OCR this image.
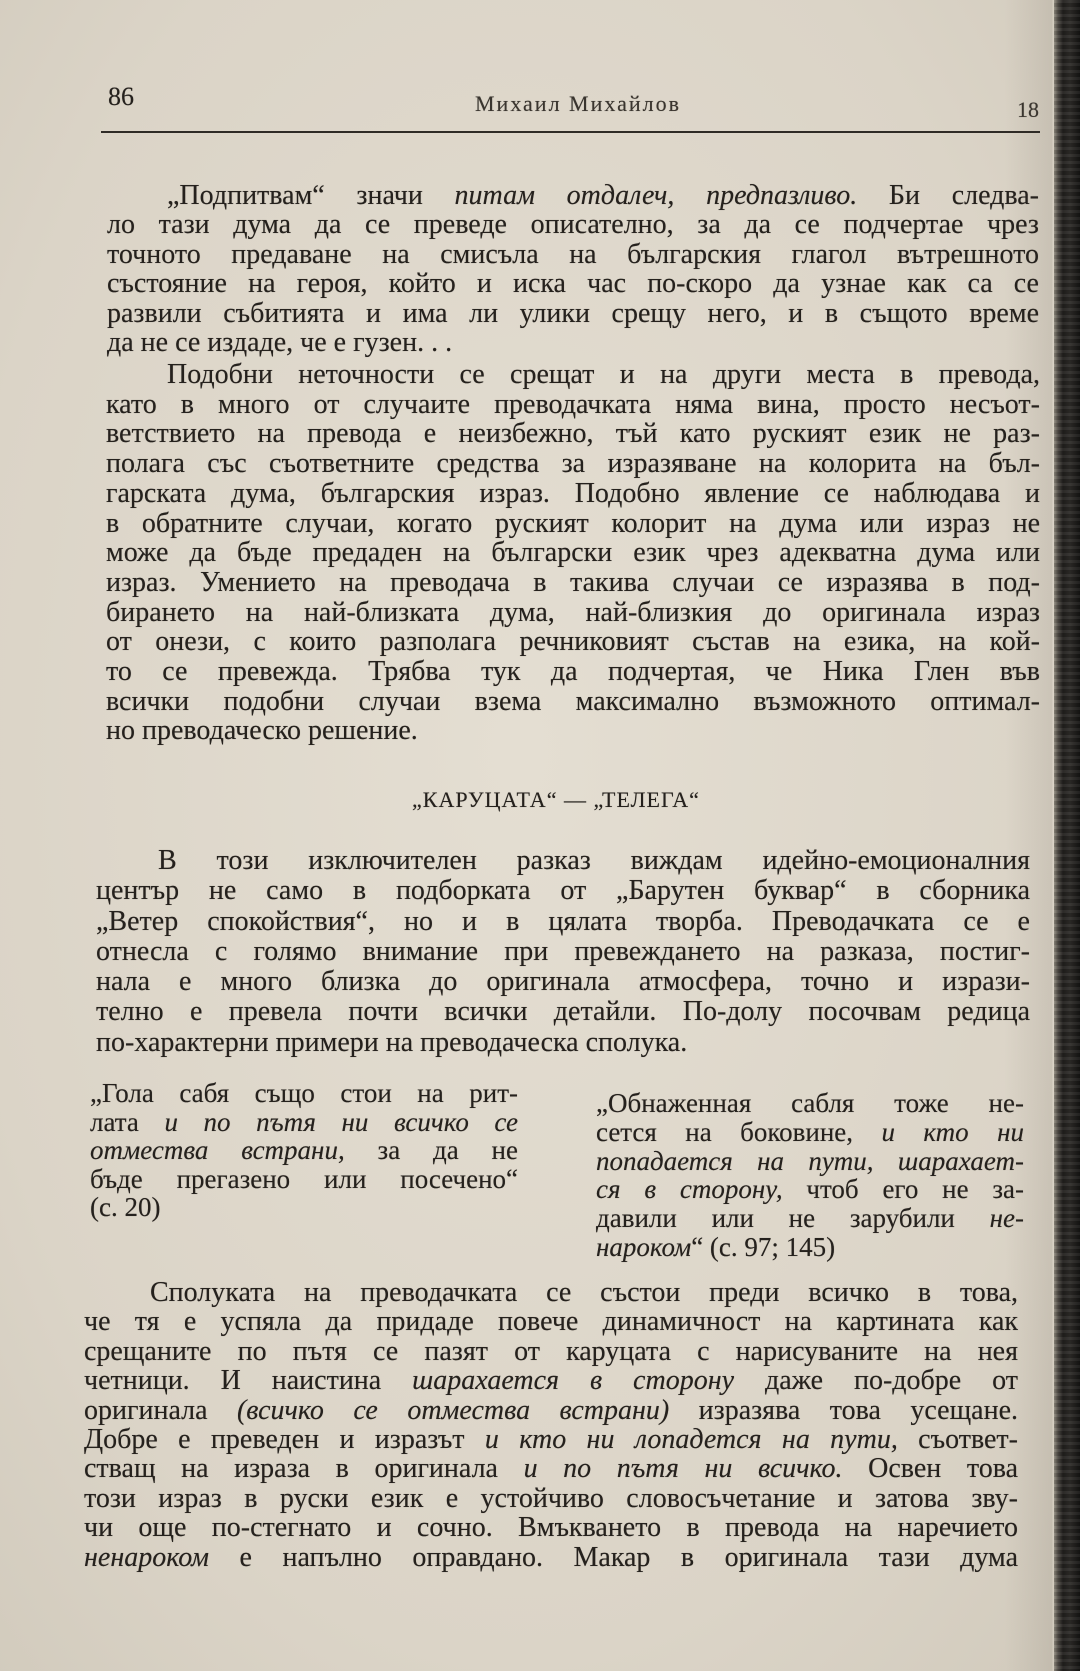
86	Михаил Михайлов	18
„Подпитвам“ значи питам отдалеч, предпазливо. Би следва-
ло тази дума да се преведе описателно, за да се подчертае чрез
точното предаване на смисъла на българския глагол вътрешното
състояние на героя, който и иска час по-скоро да узнае как са се
развили събитията и има ли улики срещу него, и в същото време
да не се издаде, че е гузен. . .
Подобни неточности се срещат и на други места в превода,
като в много от случаите преводачката няма вина, просто несъот-
ветствието на превода е неизбежно, тъй като руският език не раз-
полага със съответните средства за изразяване на колорита на бъл-
гарската дума, българския израз. Подобно явление се наблюдава и
в обратните случаи, когато руският колорит на дума или израз не
може да бъде предаден на български език чрез адекватна дума или
израз. Умението на преводача в такива случаи се изразява в под-
бирането на най-близката дума, най-близкия до оригинала израз
от онези, с които разполага речниковият състав на езика, на кой-
то се превежда. Трябва тук да подчертая, че Ника Глен във
всички подобни случаи взема максимално възможното оптимал-
но преводаческо решение.
„КАРУЦАТА“ — „ТЕЛЕГА“
В този изключителен разказ виждам идейно-емоционалния
център не само в подборката от „Барутен буквар“ в сборника
„Ветер спокойствия“, но и в цялата творба. Преводачката се е
отнесла с голямо внимание при превеждането на разказа, постиг-
нала е много близка до оригинала атмосфера, точно и изрази-
телно е превела почти всички детайли. По-долу посочвам редица
по-характерни примери на преводаческа сполука.
„Гола сабя също стои на рит-
лата и по пътя ни всичко се
отмества встрани, за да не
бъде прегазено или посечено“
(с. 20)
„Обнаженная сабля тоже не-
сется на боковине, и кто ни
попадается на пути, шарахает-
ся в сторону, чтоб его не за-
давили или не зарубили не-
нароком“ (с. 97; 145)
Сполуката на преводачката се състои преди всичко в това,
че тя е успяла да придаде повече динамичност на картината как
срещаните по пътя се пазят от каруцата с нарисуваните на нея
четници. И наистина шарахается в сторону даже по-добре от
оригинала (всичко се отмества встрани) изразява това усещане.
Добре е преведен и изразът и кто ни лопадется на пути, съответ-
стващ на израза в оригинала и по пътя ни всичко. Освен това
този израз в руски език е устойчиво словосъчетание и затова зву-
чи още по-стегнато и сочно. Вмъкването в превода на наречието
ненароком е напълно оправдано. Макар в оригинала тази дума
